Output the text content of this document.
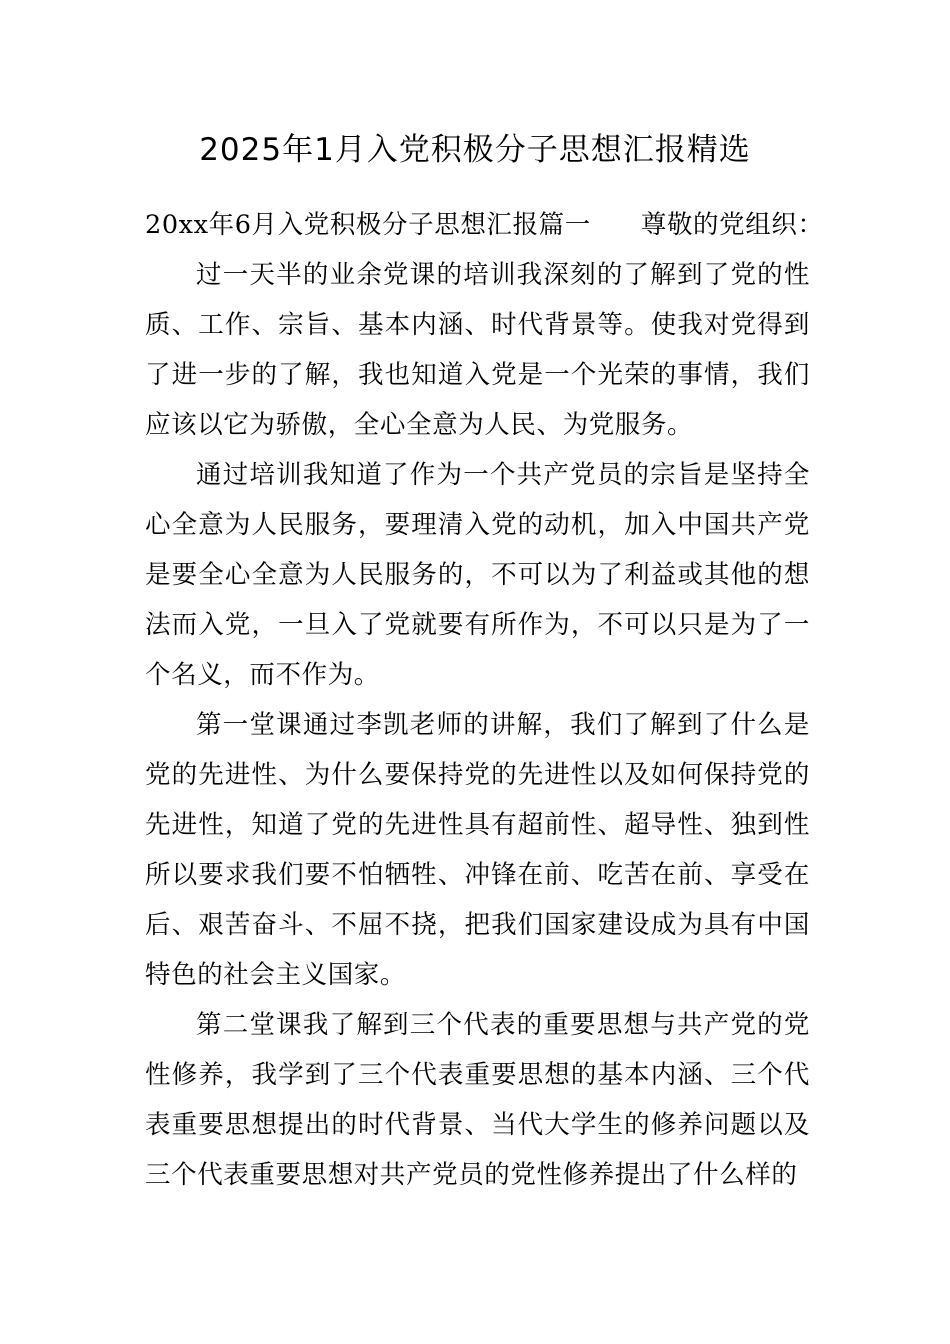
2025年1月入党积极分子思想汇报精选

20xx年6月入党积极分子思想汇报篇一 尊敬的党组织：

过一天半的业余党课的培训我深刻的了解到了党的性质、工作、宗旨、基本内涵、时代背景等。使我对党得到了进一步的了解，我也知道入党是一个光荣的事情，我们应该以它为骄傲，全心全意为人民、为党服务。

通过培训我知道了作为一个共产党员的宗旨是坚持全心全意为人民服务，要理清入党的动机，加入中国共产党是要全心全意为人民服务的，不可以为了利益或其他的想法而入党，一旦入了党就要有所作为，不可以只是为了一个名义，而不作为。

第一堂课通过李凯老师的讲解，我们了解到了什么是党的先进性、为什么要保持党的先进性以及如何保持党的先进性，知道了党的先进性具有超前性、超导性、独到性所以要求我们要不怕牺牲、冲锋在前、吃苦在前、享受在后、艰苦奋斗、不屈不挠，把我们国家建设成为具有中国特色的社会主义国家。

第二堂课我了解到三个代表的重要思想与共产党的党性修养，我学到了三个代表重要思想的基本内涵、三个代表重要思想提出的时代背景、当代大学生的修养问题以及三个代表重要思想对共产党员的党性修养提出了什么样的
